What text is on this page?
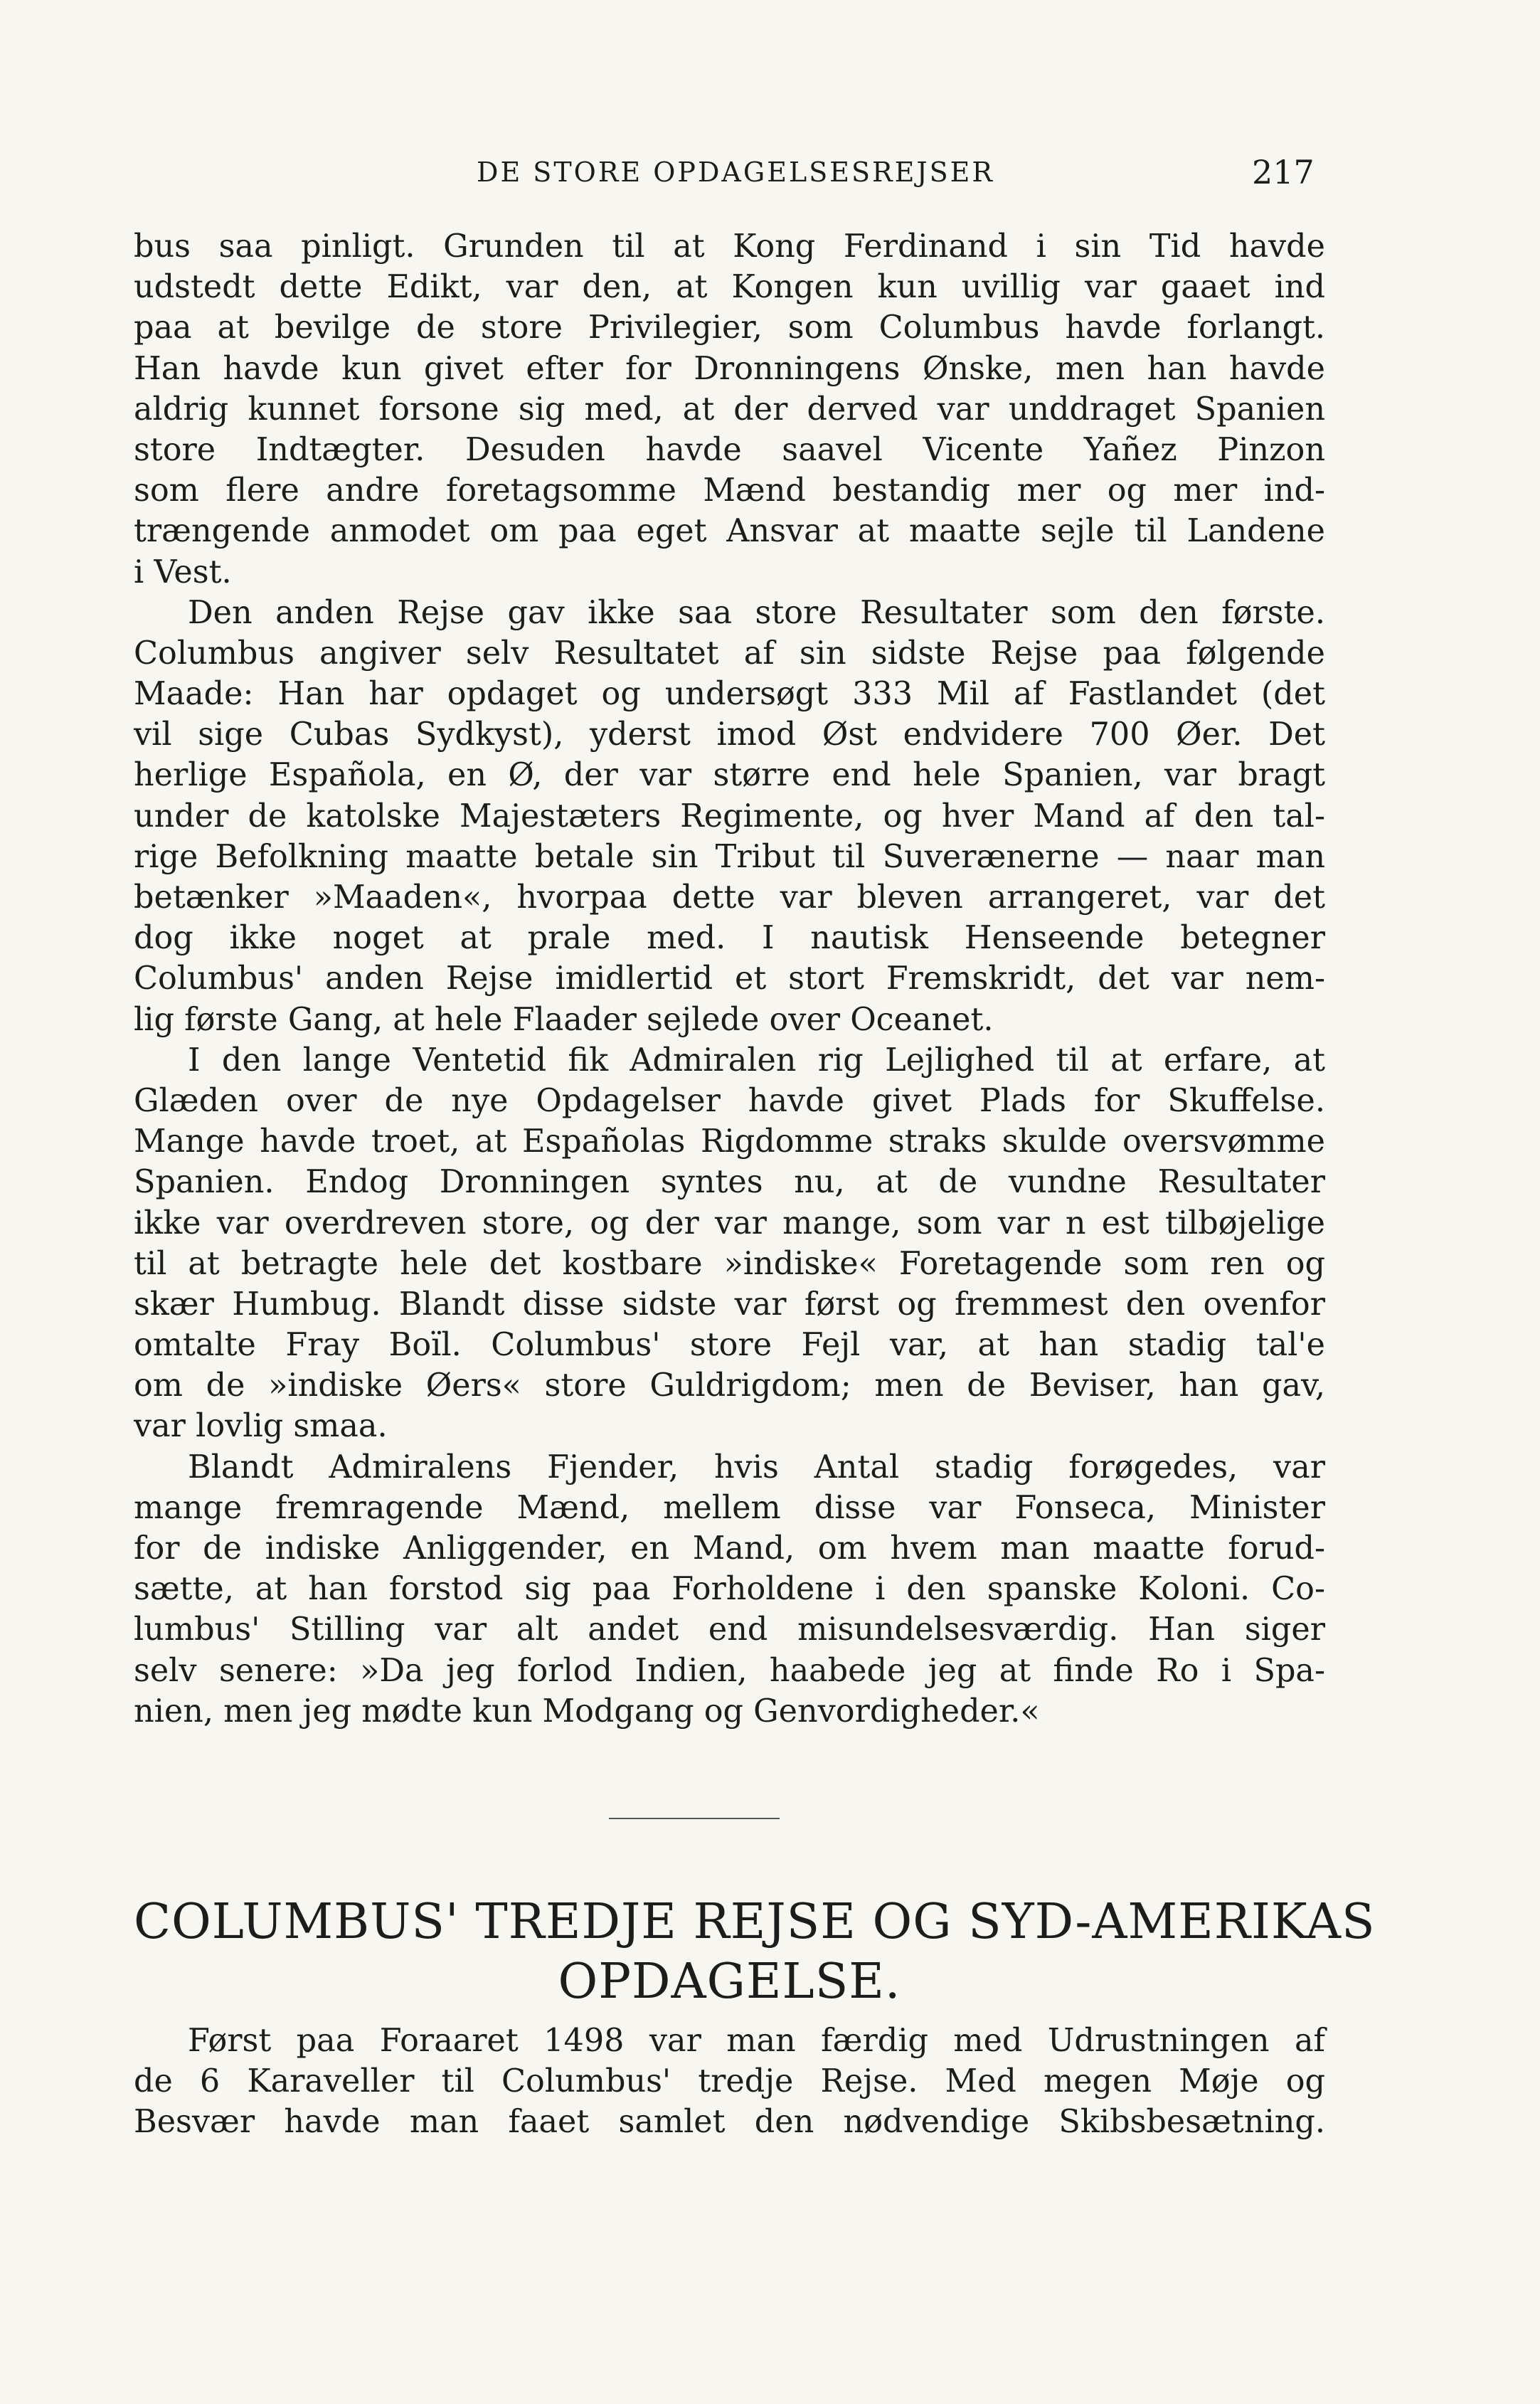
DE STORE OPDAGELSESREJSER	217
bus saa pinligt. Grunden til at Kong Ferdinand i sin Tid havde
udstedt dette Edikt, var den, at Kongen kun uvillig var gaaet ind
paa at bevilge de store Privilegier, som Columbus havde forlangt.
Han havde kun givet efter for Dronningens Ønske, men han havde
aldrig kunnet forsone sig med, at der derved var unddraget Spanien
store Indtægter. Desuden havde saavel Vicente Yañez Pinzon
som flere andre foretagsomme Mænd bestandig mer og mer ind-
trængende anmodet om paa eget Ansvar at maatte sejle til Landene
i Vest.
Den anden Rejse gav ikke saa store Resultater som den første.
Columbus angiver selv Resultatet af sin sidste Rejse paa følgende
Maade: Han har opdaget og undersøgt 333 Mil af Fastlandet (det
vil sige Cubas Sydkyst), yderst imod Øst endvidere 700 Øer. Det
herlige Española, en Ø, der var større end hele Spanien, var bragt
under de katolske Majestæters Regimente, og hver Mand af den tal-
rige Befolkning maatte betale sin Tribut til Suverænerne — naar man
betænker »Maaden«, hvorpaa dette var bleven arrangeret, var det
dog ikke noget at prale med. I nautisk Henseende betegner
Columbus' anden Rejse imidlertid et stort Fremskridt, det var nem-
lig første Gang, at hele Flaader sejlede over Oceanet.
I den lange Ventetid fik Admiralen rig Lejlighed til at erfare, at
Glæden over de nye Opdagelser havde givet Plads for Skuffelse.
Mange havde troet, at Españolas Rigdomme straks skulde oversvømme
Spanien. Endog Dronningen syntes nu, at de vundne Resultater
ikke var overdreven store, og der var mange, som var n est tilbøjelige
til at betragte hele det kostbare »indiske« Foretagende som ren og
skær Humbug. Blandt disse sidste var først og fremmest den ovenfor
omtalte Fray Boïl. Columbus' store Fejl var, at han stadig tal'e
om de »indiske Øers« store Guldrigdom; men de Beviser, han gav,
var lovlig smaa.
Blandt Admiralens Fjender, hvis Antal stadig forøgedes, var
mange fremragende Mænd, mellem disse var Fonseca, Minister
for de indiske Anliggender, en Mand, om hvem man maatte forud-
sætte, at han forstod sig paa Forholdene i den spanske Koloni. Co-
lumbus' Stilling var alt andet end misundelsesværdig. Han siger
selv senere: »Da jeg forlod Indien, haabede jeg at finde Ro i Spa-
nien, men jeg mødte kun Modgang og Genvordigheder.«
COLUMBUS' TREDJE REJSE OG SYD-AMERIKAS
OPDAGELSE.
Først paa Foraaret 1498 var man færdig med Udrustningen af
de 6 Karaveller til Columbus' tredje Rejse. Med megen Møje og
Besvær havde man faaet samlet den nødvendige Skibsbesætning.
